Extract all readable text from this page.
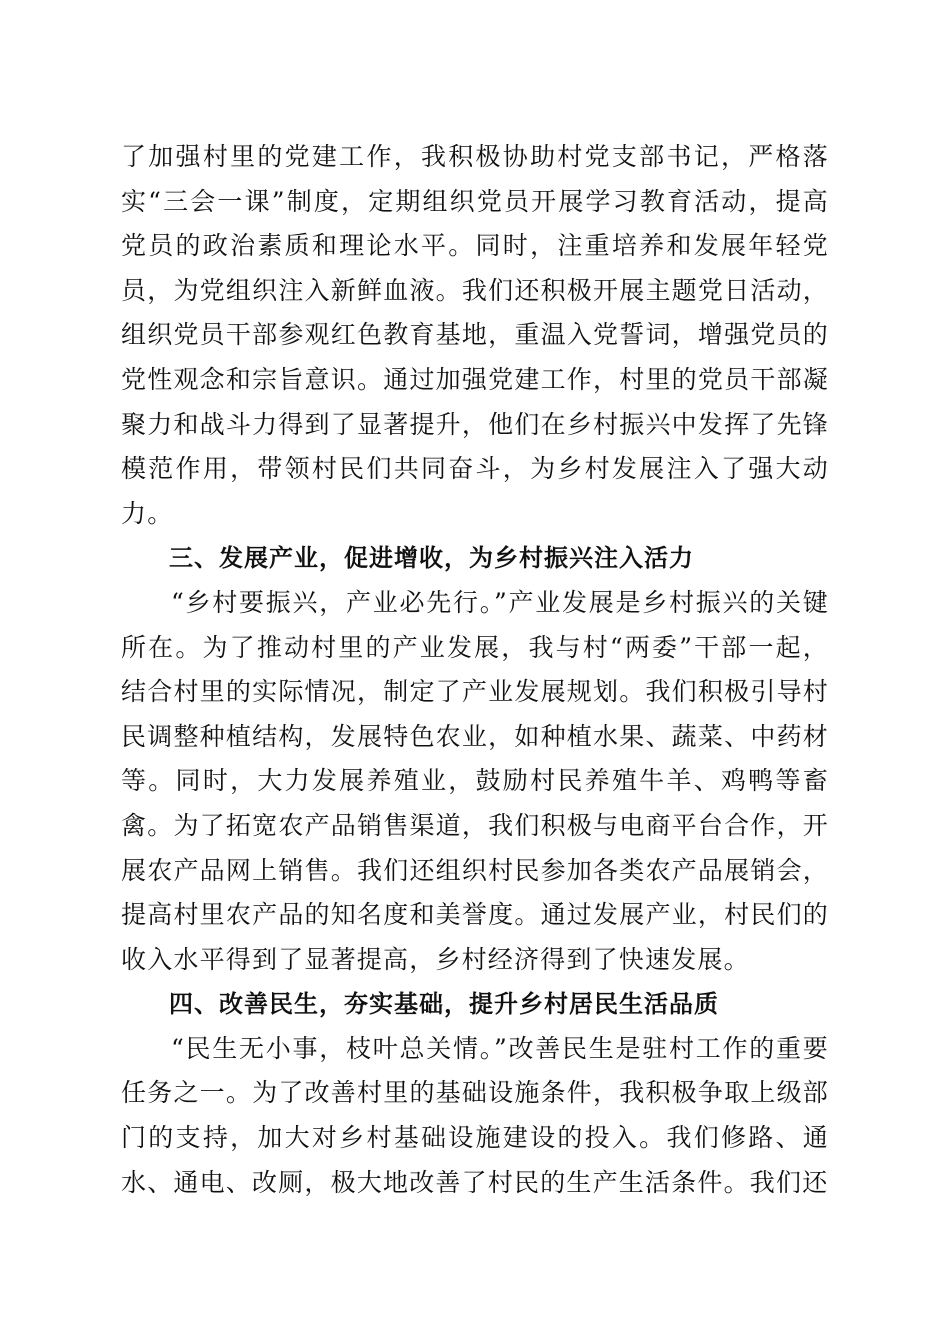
了加强村里的党建工作，我积极协助村党支部书记，严格落实“三会一课”制度，定期组织党员开展学习教育活动，提高党员的政治素质和理论水平。同时，注重培养和发展年轻党员，为党组织注入新鲜血液。我们还积极开展主题党日活动，组织党员干部参观红色教育基地，重温入党誓词，增强党员的党性观念和宗旨意识。通过加强党建工作，村里的党员干部凝聚力和战斗力得到了显著提升，他们在乡村振兴中发挥了先锋模范作用，带领村民们共同奋斗，为乡村发展注入了强大动力。

三、发展产业，促进增收，为乡村振兴注入活力

“乡村要振兴，产业必先行。”产业发展是乡村振兴的关键所在。为了推动村里的产业发展，我与村“两委”干部一起，结合村里的实际情况，制定了产业发展规划。我们积极引导村民调整种植结构，发展特色农业，如种植水果、蔬菜、中药材等。同时，大力发展养殖业，鼓励村民养殖牛羊、鸡鸭等畜禽。为了拓宽农产品销售渠道，我们积极与电商平台合作，开展农产品网上销售。我们还组织村民参加各类农产品展销会，提高村里农产品的知名度和美誉度。通过发展产业，村民们的收入水平得到了显著提高，乡村经济得到了快速发展。

四、改善民生，夯实基础，提升乡村居民生活品质

“民生无小事，枝叶总关情。”改善民生是驻村工作的重要任务之一。为了改善村里的基础设施条件，我积极争取上级部门的支持，加大对乡村基础设施建设的投入。我们修路、通水、通电、改厕，极大地改善了村民的生产生活条件。我们还
